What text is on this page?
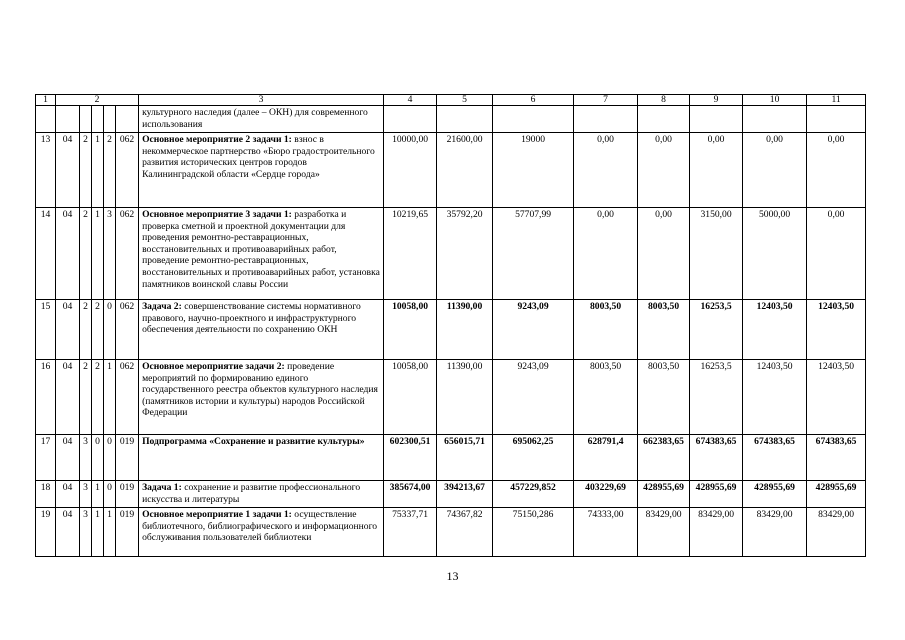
1	2					3	4	5	6	7	8	9	10	11
						культурного наследия (далее – ОКН) для современного использования								
13	04	2	1	2	062	Основное мероприятие 2 задачи 1: взнос в некоммерческое партнерство «Бюро градостроительного развития исторических центров городов Калининградской области «Сердце города»	10000,00	21600,00	19000	0,00	0,00	0,00	0,00	0,00
14	04	2	1	3	062	Основное мероприятие 3 задачи 1: разработка и проверка сметной и проектной документации для проведения ремонтно-реставрационных, восстановительных и противоаварийных работ, проведение ремонтно-реставрационных, восстановительных и противоаварийных работ, установка памятников воинской славы России	10219,65	35792,20	57707,99	0,00	0,00	3150,00	5000,00	0,00
15	04	2	2	0	062	Задача 2: совершенствование системы нормативного правового, научно-проектного и инфраструктурного обеспечения деятельности по сохранению ОКН	10058,00	11390,00	9243,09	8003,50	8003,50	16253,5	12403,50	12403,50
16	04	2	2	1	062	Основное мероприятие задачи 2: проведение мероприятий по формированию единого государственного реестра объектов культурного наследия (памятников истории и культуры) народов Российской Федерации	10058,00	11390,00	9243,09	8003,50	8003,50	16253,5	12403,50	12403,50
17	04	3	0	0	019	Подпрограмма «Сохранение и развитие культуры»	602300,51	656015,71	695062,25	628791,4	662383,65	674383,65	674383,65	674383,65
18	04	3	1	0	019	Задача 1: сохранение и развитие профессионального искусства и литературы	385674,00	394213,67	457229,852	403229,69	428955,69	428955,69	428955,69	428955,69
19	04	3	1	1	019	Основное мероприятие 1 задачи 1: осуществление библиотечного, библиографического и информационного обслуживания пользователей библиотеки	75337,71	74367,82	75150,286	74333,00	83429,00	83429,00	83429,00	83429,00
13
